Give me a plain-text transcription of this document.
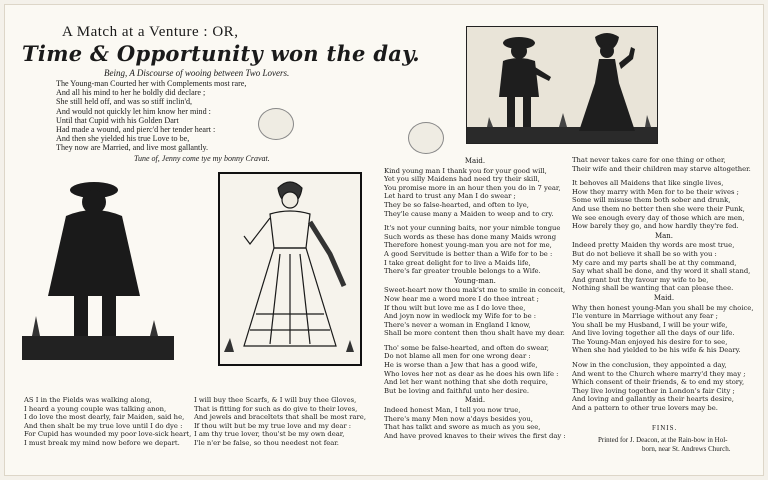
A Match at a Venture : OR,
Time & Opportunity won the day.
Being, A Discourse of wooing between Two Lovers.
The Young-man Courted her with Complements most rare,
And all his mind to her he boldly did declare ;
She still held off, and was so stiff inclin'd,
And would not quickly let him know her mind :
Until that Cupid with his Golden Dart
Had made a wound, and pierc'd her tender heart :
And then she yielded his true Love to be,
They now are Married, and live most gallantly.
Tune of, Jenny come tye my bonny Cravat.
AS I in the Fields was walking along,
I heard a young couple was talking anon,
I do love the most dearly, fair Maiden, said he,
And then shalt be my true love until I do dye :
For Cupid has wounded my poor love-sick heart,
I must break my mind now before we depart.
I will buy thee Scarfs, & I will buy thee Gloves,
That is fitting for such as do give to their loves,
And jewels and braceltets that shall be most rare,
If thou wilt but be my true love and my dear :
I am thy true lover, thou'st be my own dear,
I'le n'er be false, so thou needest not fear.
Maid.
Kind young man I thank you for your good will,
Yet you silly Maidens had need try their skill,
You promise more in an hour then you do in 7 year,
Let hard to trust any Man I do swear ;
They be so false-hearted, and often to lye,
They'le cause many a Maiden to weep and to cry.
It's not your cunning baits, nor your nimble tongue
Such words as these has done many Maids wrong
Therefore honest young-man you are not for me,
A good Servitude is better than a Wife for to be :
I take great delight for to live a Maids life,
There's far greater trouble belongs to a Wife.
Young-man.
Sweet-heart now thou mak'st me to smile in conceit,
Now hear me a word more I do thee intreat ;
If thou wilt but love me as I do love thee,
And joyn now in wedlock my Wife for to be :
There's never a woman in England I know,
Shall be more content then thou shalt have my dear.
Tho' some be false-hearted, and often do swear,
Do not blame all men for one wrong dear :
He is worse than a Jew that has a good wife,
Who loves her not as dear as he does his own life :
And let her want nothing that she doth require,
But be loving and faithful unto her desire.
Maid.
Indeed honest Man, I tell you now true,
There's many Men now a'days besides you,
That has talkt and swore as much as you see,
And have proved knaves to their wives the first day :
That never takes care for one thing or other,
Their wife and their children may starve altogether.
It behoves all Maidens that like single lives,
How they marry with Men for to be their wives ;
Some will misuse them both sober and drunk,
And use them no better then she were their Punk,
We see enough every day of those which are men,
How barely they go, and how hardly they're fed.
Man.
Indeed pretty Maiden thy words are most true,
But do not believe it shall be so with you :
My care and my parts shall be at thy command,
Say what shall be done, and thy word it shall stand,
And grant but thy favour my wife to be,
Nothing shall be wanting that can please thee.
Maid.
Why then honest young-Man you shall be my choice,
I'le venture in Marriage without any fear ;
You shall be my Husband, I will be your wife,
And live loving together all the days of our life.
The Young-Man enjoyed his desire for to see,
When she had yielded to be his wife & his Deary.
Now in the conclusion, they appointed a day,
And went to the Church where marry'd they may ;
Which consent of their friends, & to end my story,
They live loving together in London's fair City ;
And loving and gallantly as their hearts desire,
And a pattern to other true lovers may be.
FINIS.
Printed for J. Deacon, at the Rain-bow in Hol-
born, near St. Andrews Church.
